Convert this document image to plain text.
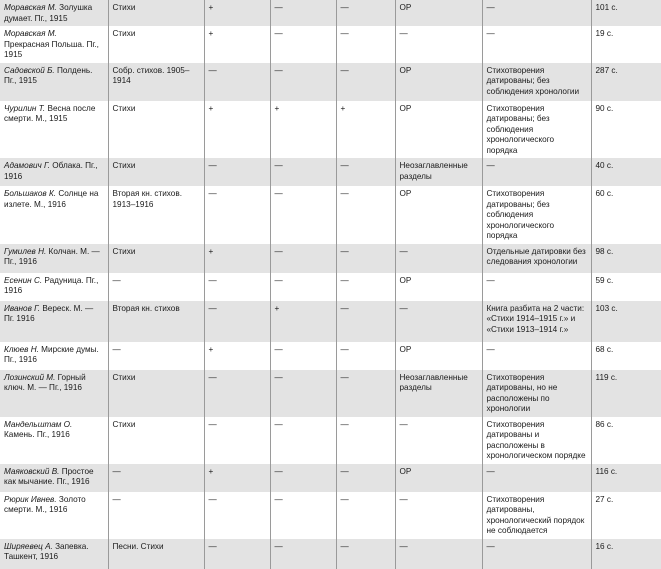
Моравская М. Золушка думает. Пг., 1915	Стихи	+	—	—	ОР	—	101 с.
Моравская М. Прекрасная Польша. Пг., 1915	Стихи	+	—	—	—	—	19 с.
Садовской Б. Полдень. Пг., 1915	Собр. стихов. 1905–1914	—	—	—	ОР	Стихотворения датированы; без соблюдения хронологии	287 с.
Чурилин Т. Весна после смерти. М., 1915	Стихи	+	+	+	ОР	Стихотворения датированы; без соблюдения хронологического порядка	90 с.
Адамович Г. Облака. Пг., 1916	Стихи	—	—	—	Неозаглавленные разделы	—	40 с.
Большаков К. Солнце на излете. М., 1916	Вторая кн. стихов. 1913–1916	—	—	—	ОР	Стихотворения датированы; без соблюдения хронологического порядка	60 с.
Гумилев Н. Колчан. М. — Пг., 1916	Стихи	+	—	—	—	Отдельные датировки без следования хронологии	98 с.
Есенин С. Радуница. Пг., 1916	—	—	—	—	ОР	—	59 с.
Иванов Г. Вереск. М. — Пг. 1916	Вторая кн. стихов	—	+	—	—	Книга разбита на 2 части: «Стихи 1914–1915 г.» и «Стихи 1913–1914 г.»	103 с.
Клюев Н. Мирские думы. Пг., 1916	—	+	—	—	ОР	—	68 с.
Лозинский М. Горный ключ. М. — Пг., 1916	Стихи	—	—	—	Неозаглавленные разделы	Стихотворения датированы, но не расположены по хронологии	119 с.
Мандельштам О. Камень. Пг., 1916	Стихи	—	—	—	—	Стихотворения датированы и расположены в хронологическом порядке	86 с.
Маяковский В. Простое как мычание. Пг., 1916	—	+	—	—	ОР	—	116 с.
Рюрик Ивнев. Золото смерти. М., 1916	—	—	—	—	—	Стихотворения датированы, хронологический порядок не соблюдается	27 с.
Ширяевец А. Запевка. Ташкент, 1916	Песни. Стихи	—	—	—	—	—	16 с.
